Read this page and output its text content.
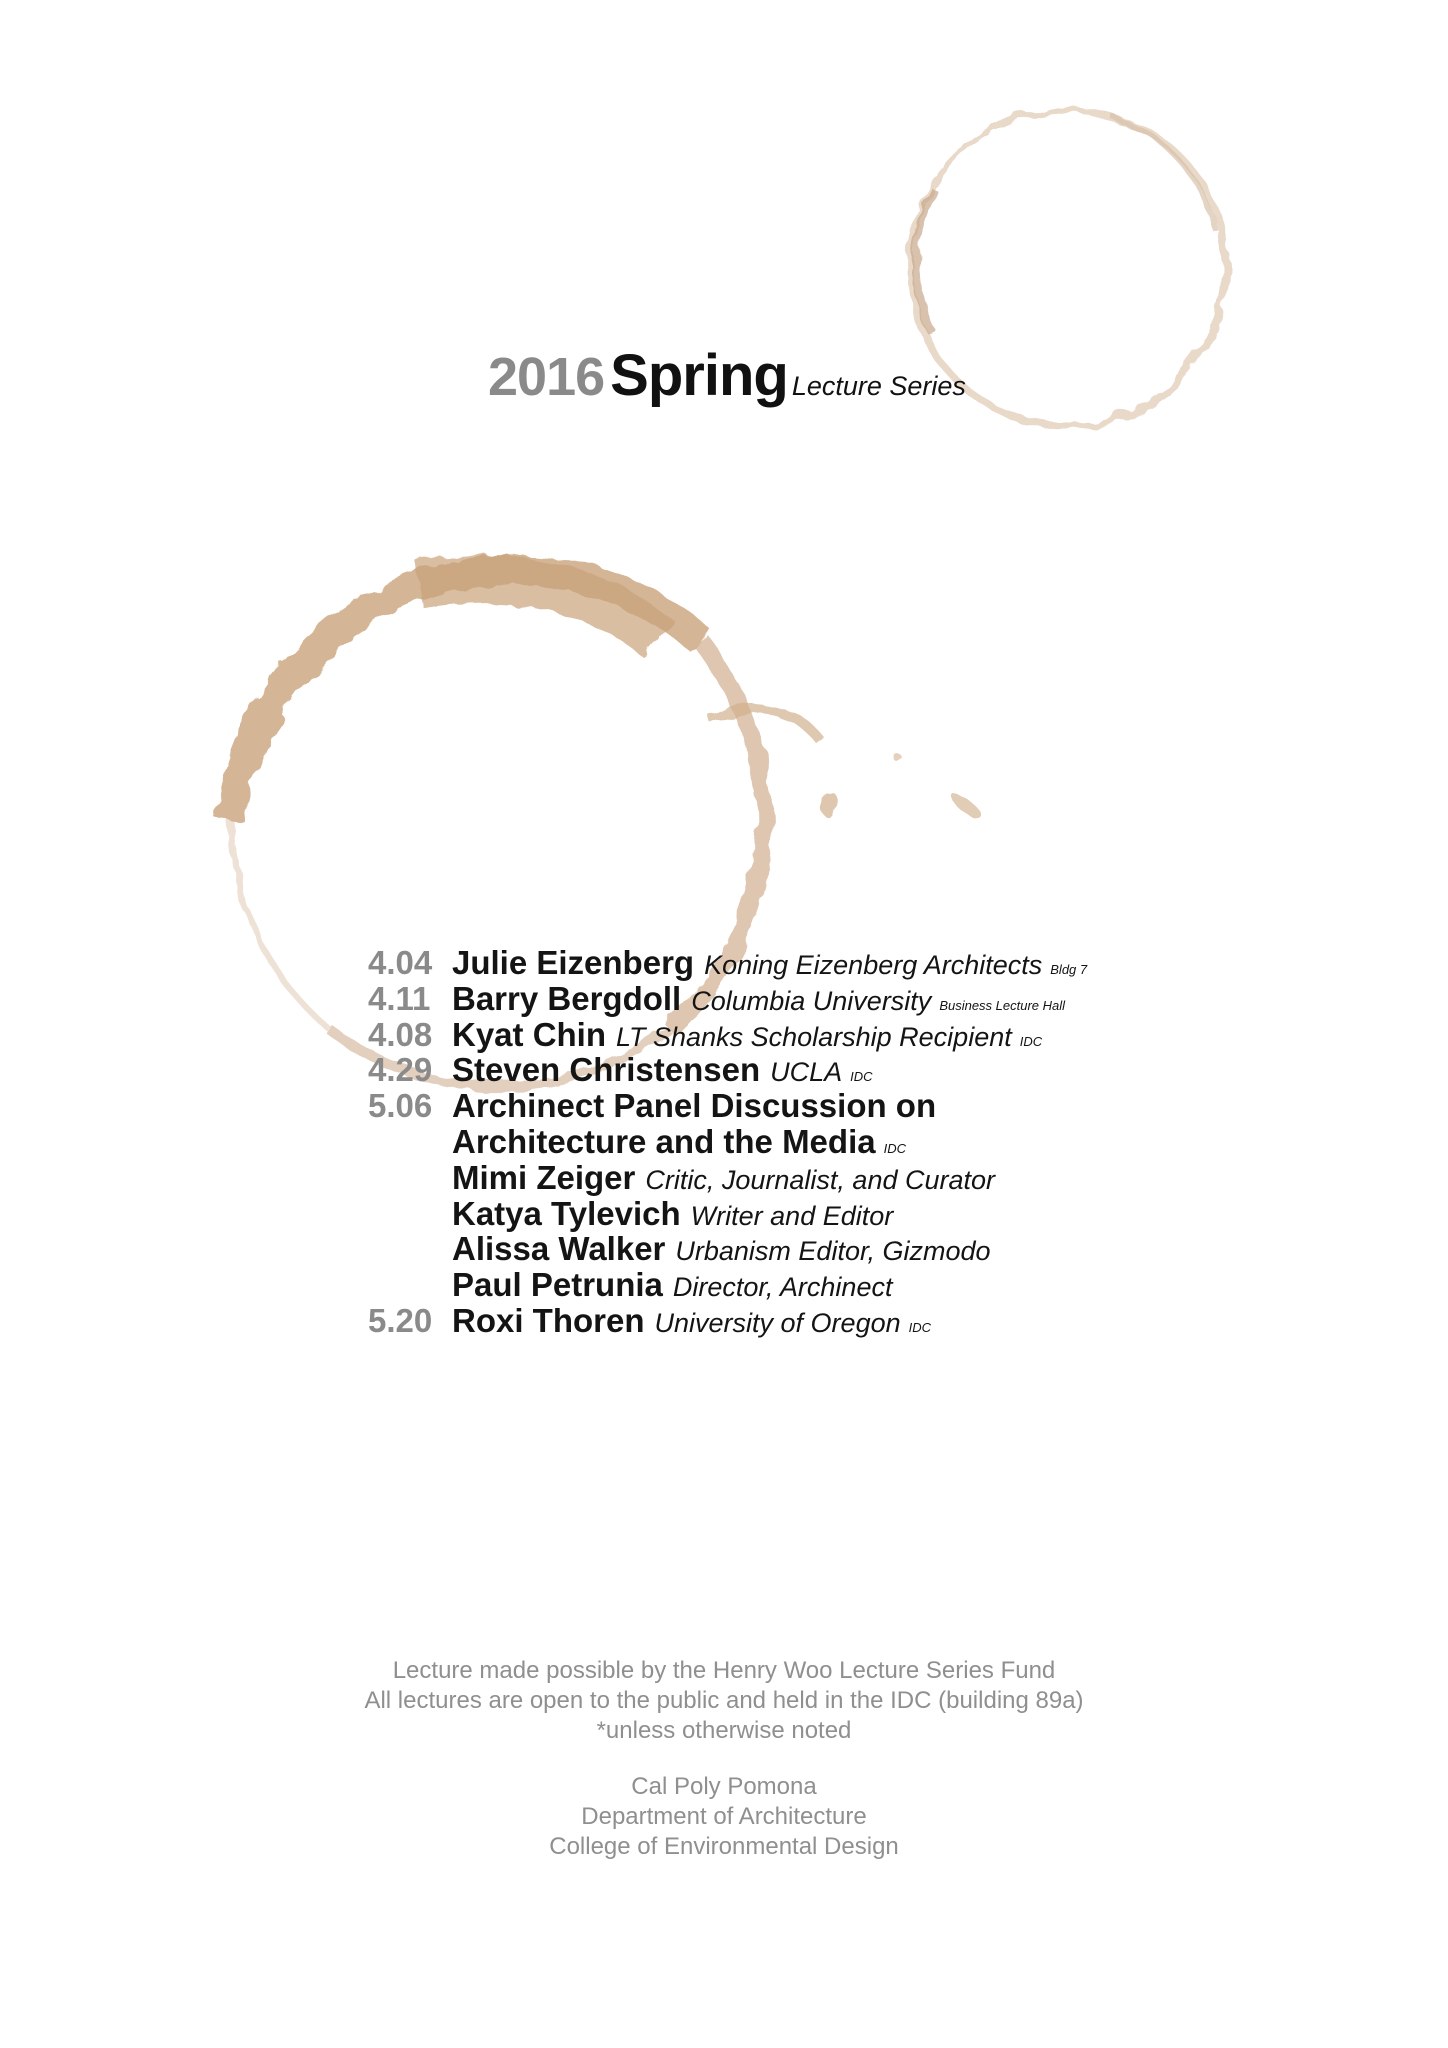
2016 Spring Lecture Series
4.04 Julie Eizenberg Koning Eizenberg Architects Bldg 7
4.11 Barry Bergdoll Columbia University Business Lecture Hall
4.08 Kyat Chin LT Shanks Scholarship Recipient IDC
4.29 Steven Christensen UCLA IDC
5.06 Archinect Panel Discussion on
Architecture and the Media IDC
Mimi Zeiger Critic, Journalist, and Curator
Katya Tylevich Writer and Editor
Alissa Walker Urbanism Editor, Gizmodo
Paul Petrunia Director, Archinect
5.20 Roxi Thoren University of Oregon IDC
Lecture made possible by the Henry Woo Lecture Series Fund
All lectures are open to the public and held in the IDC (building 89a)
*unless otherwise noted
Cal Poly Pomona
Department of Architecture
College of Environmental Design
